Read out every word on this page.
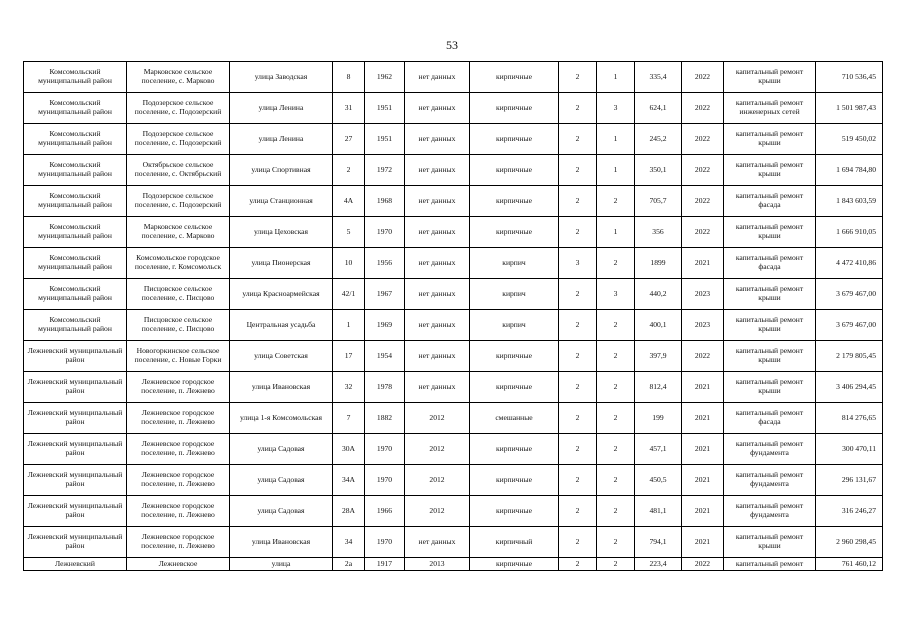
53
Комсомольский муниципальный район	Марковское сельское поселение, с. Марково	улица Заводская	8	1962	нет данных	кирпичные	2	1	335,4	2022	капитальный ремонт крыши	710 536,45
Комсомольский муниципальный район	Подозерское сельское поселение, с. Подозерский	улица Ленина	31	1951	нет данных	кирпичные	2	3	624,1	2022	капитальный ремонт инженерных сетей	1 501 987,43
Комсомольский муниципальный район	Подозерское сельское поселение, с. Подозерский	улица Ленина	27	1951	нет данных	кирпичные	2	1	245,2	2022	капитальный ремонт крыши	519 450,02
Комсомольский муниципальный район	Октябрьское сельское поселение, с. Октябрьский	улица Спортивная	2	1972	нет данных	кирпичные	2	1	350,1	2022	капитальный ремонт крыши	1 694 784,80
Комсомольский муниципальный район	Подозерское сельское поселение, с. Подозерский	улица Станционная	4А	1968	нет данных	кирпичные	2	2	705,7	2022	капитальный ремонт фасада	1 843 603,59
Комсомольский муниципальный район	Марковское сельское поселение, с. Марково	улица Цеховская	5	1970	нет данных	кирпичные	2	1	356	2022	капитальный ремонт крыши	1 666 910,05
Комсомольский муниципальный район	Комсомольское городское поселение, г. Комсомольск	улица Пионерская	10	1956	нет данных	кирпич	3	2	1899	2021	капитальный ремонт фасада	4 472 410,86
Комсомольский муниципальный район	Писцовское сельское поселение, с. Писцово	улица Красноармейская	42/1	1967	нет данных	кирпич	2	3	440,2	2023	капитальный ремонт крыши	3 679 467,00
Комсомольский муниципальный район	Писцовское сельское поселение, с. Писцово	Центральная усадьба	1	1969	нет данных	кирпич	2	2	400,1	2023	капитальный ремонт крыши	3 679 467,00
Лежневский муниципальный район	Новогоркинское сельское поселение, с. Новые Горки	улица Советская	17	1954	нет данных	кирпичные	2	2	397,9	2022	капитальный ремонт крыши	2 179 805,45
Лежневский муниципальный район	Лежневское городское поселение, п. Лежнево	улица Ивановская	32	1978	нет данных	кирпичные	2	2	812,4	2021	капитальный ремонт крыши	3 406 294,45
Лежневский муниципальный район	Лежневское городское поселение, п. Лежнево	улица 1-я Комсомольская	7	1882	2012	смешанные	2	2	199	2021	капитальный ремонт фасада	814 276,65
Лежневский муниципальный район	Лежневское городское поселение, п. Лежнево	улица Садовая	30А	1970	2012	кирпичные	2	2	457,1	2021	капитальный ремонт фундамента	300 470,11
Лежневский муниципальный район	Лежневское городское поселение, п. Лежнево	улица Садовая	34А	1970	2012	кирпичные	2	2	450,5	2021	капитальный ремонт фундамента	296 131,67
Лежневский муниципальный район	Лежневское городское поселение, п. Лежнево	улица Садовая	28А	1966	2012	кирпичные	2	2	481,1	2021	капитальный ремонт фундамента	316 246,27
Лежневский муниципальный район	Лежневское городское поселение, п. Лежнево	улица Ивановская	34	1970	нет данных	кирпичный	2	2	794,1	2021	капитальный ремонт крыши	2 960 298,45
Лежневский	Лежневское	улица	2а	1917	2013	кирпичные	2	2	223,4	2022	капитальный ремонт	761 460,12
